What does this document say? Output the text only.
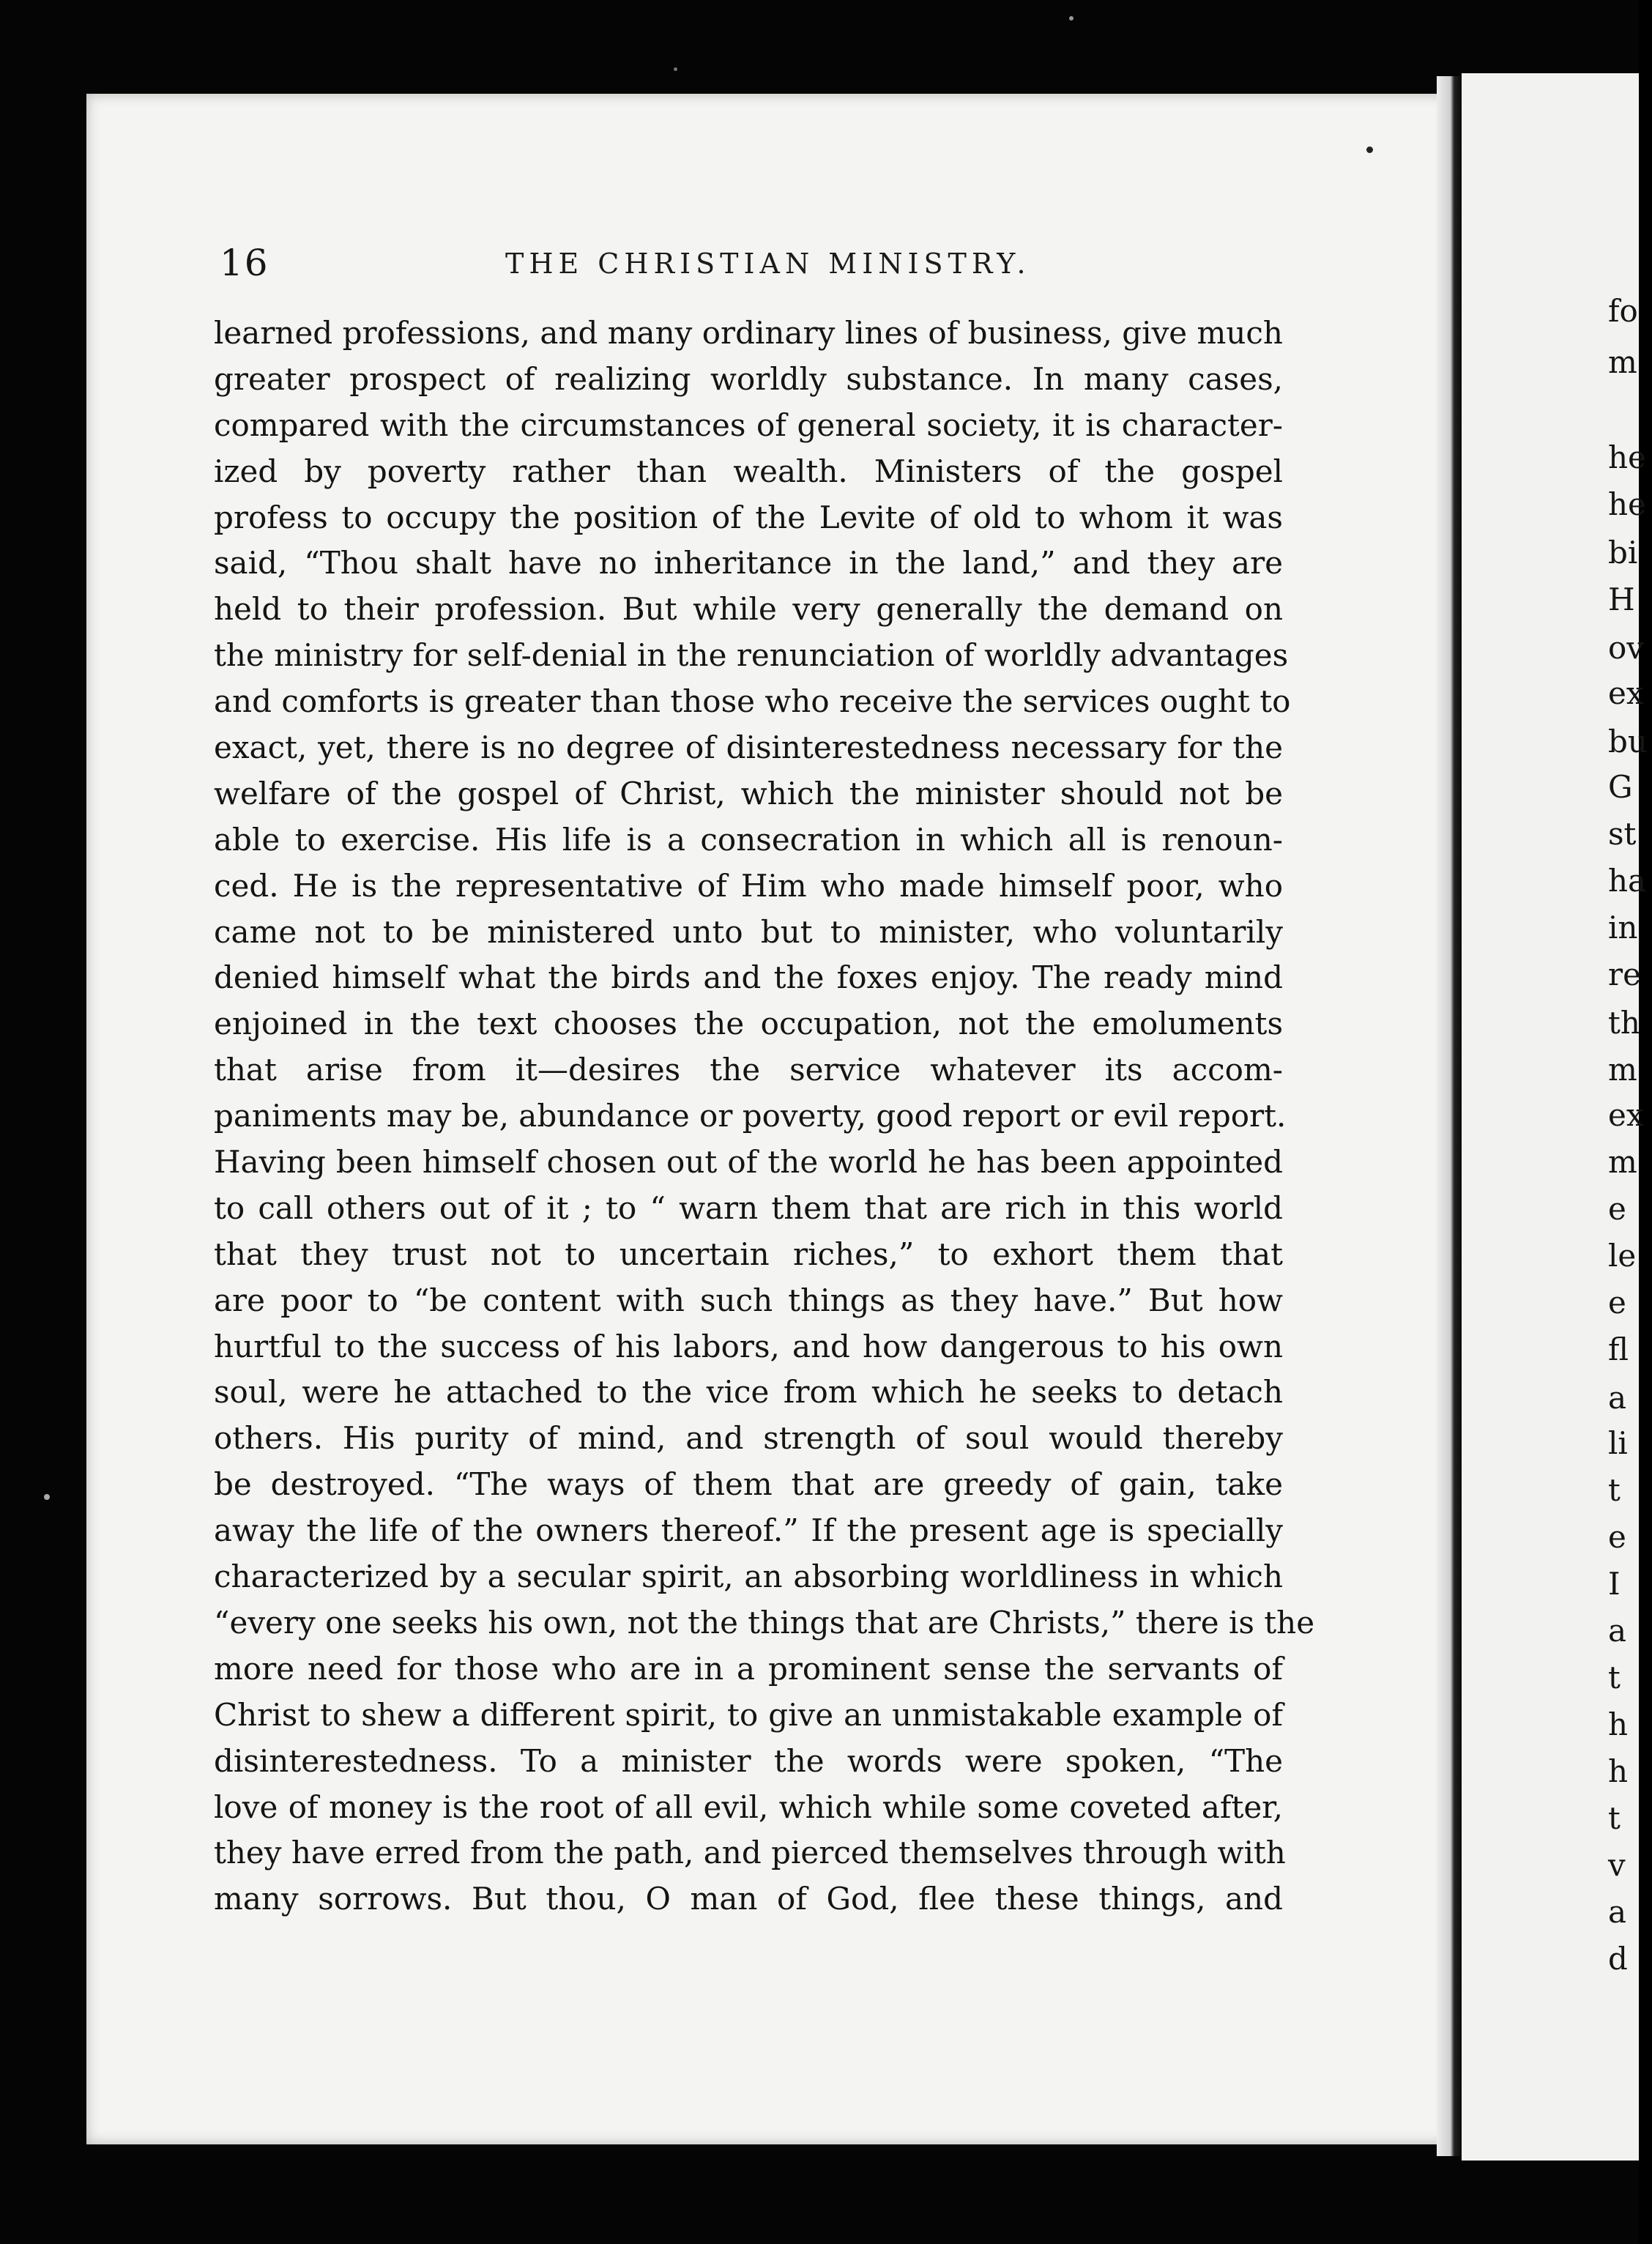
16	THE CHRISTIAN MINISTRY.
learned professions, and many ordinary lines of business, give much
greater prospect of realizing worldly substance. In many cases,
compared with the circumstances of general society, it is character-
ized by poverty rather than wealth. Ministers of the gospel
profess to occupy the position of the Levite of old to whom it was
said, “Thou shalt have no inheritance in the land,” and they are
held to their profession. But while very generally the demand on
the ministry for self-denial in the renunciation of worldly advantages
and comforts is greater than those who receive the services ought to
exact, yet, there is no degree of disinterestedness necessary for the
welfare of the gospel of Christ, which the minister should not be
able to exercise. His life is a consecration in which all is renoun-
ced. He is the representative of Him who made himself poor, who
came not to be ministered unto but to minister, who voluntarily
denied himself what the birds and the foxes enjoy. The ready mind
enjoined in the text chooses the occupation, not the emoluments
that arise from it—desires the service whatever its accom-
paniments may be, abundance or poverty, good report or evil report.
Having been himself chosen out of the world he has been appointed
to call others out of it ; to “ warn them that are rich in this world
that they trust not to uncertain riches,” to exhort them that
are poor to “be content with such things as they have.” But how
hurtful to the success of his labors, and how dangerous to his own
soul, were he attached to the vice from which he seeks to detach
others. His purity of mind, and strength of soul would thereby
be destroyed. “The ways of them that are greedy of gain, take
away the life of the owners thereof.” If the present age is specially
characterized by a secular spirit, an absorbing worldliness in which
“every one seeks his own, not the things that are Christs,” there is the
more need for those who are in a prominent sense the servants of
Christ to shew a different spirit, to give an unmistakable example of
disinterestedness. To a minister the words were spoken, “The
love of money is the root of all evil, which while some coveted after,
they have erred from the path, and pierced themselves through with
many sorrows. But thou, O man of God, flee these things, and
fo
m
he
he
bi
H
ov
ex
bu
G
st
ha
in
re
th
m
ex
m
e
le
e
fl
a
li
t
e
I
a
t
h
h
t
v
a
d
